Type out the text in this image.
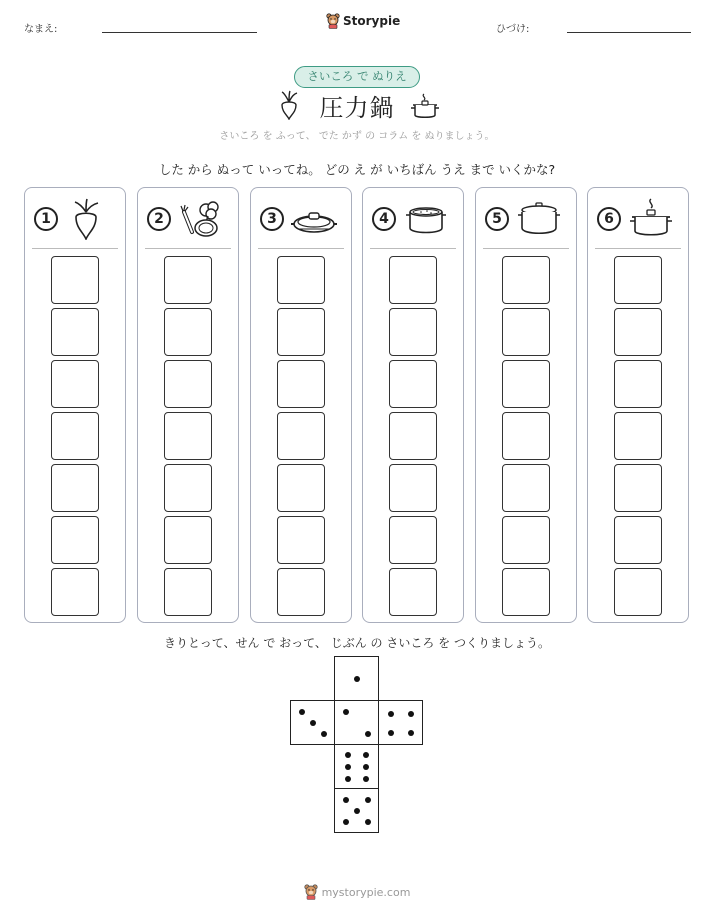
なまえ:
Storypie
ひづけ:
さいころ で ぬりえ
圧力鍋
さいころ を ふって、 でた かず の コラム を ぬりましょう。
した から ぬって いってね。 どの え が いちばん うえ まで いくかな?
1	2	3	4	5	6
きりとって、せん で おって、 じぶん の さいころ を つくりましょう。
mystorypie.com
